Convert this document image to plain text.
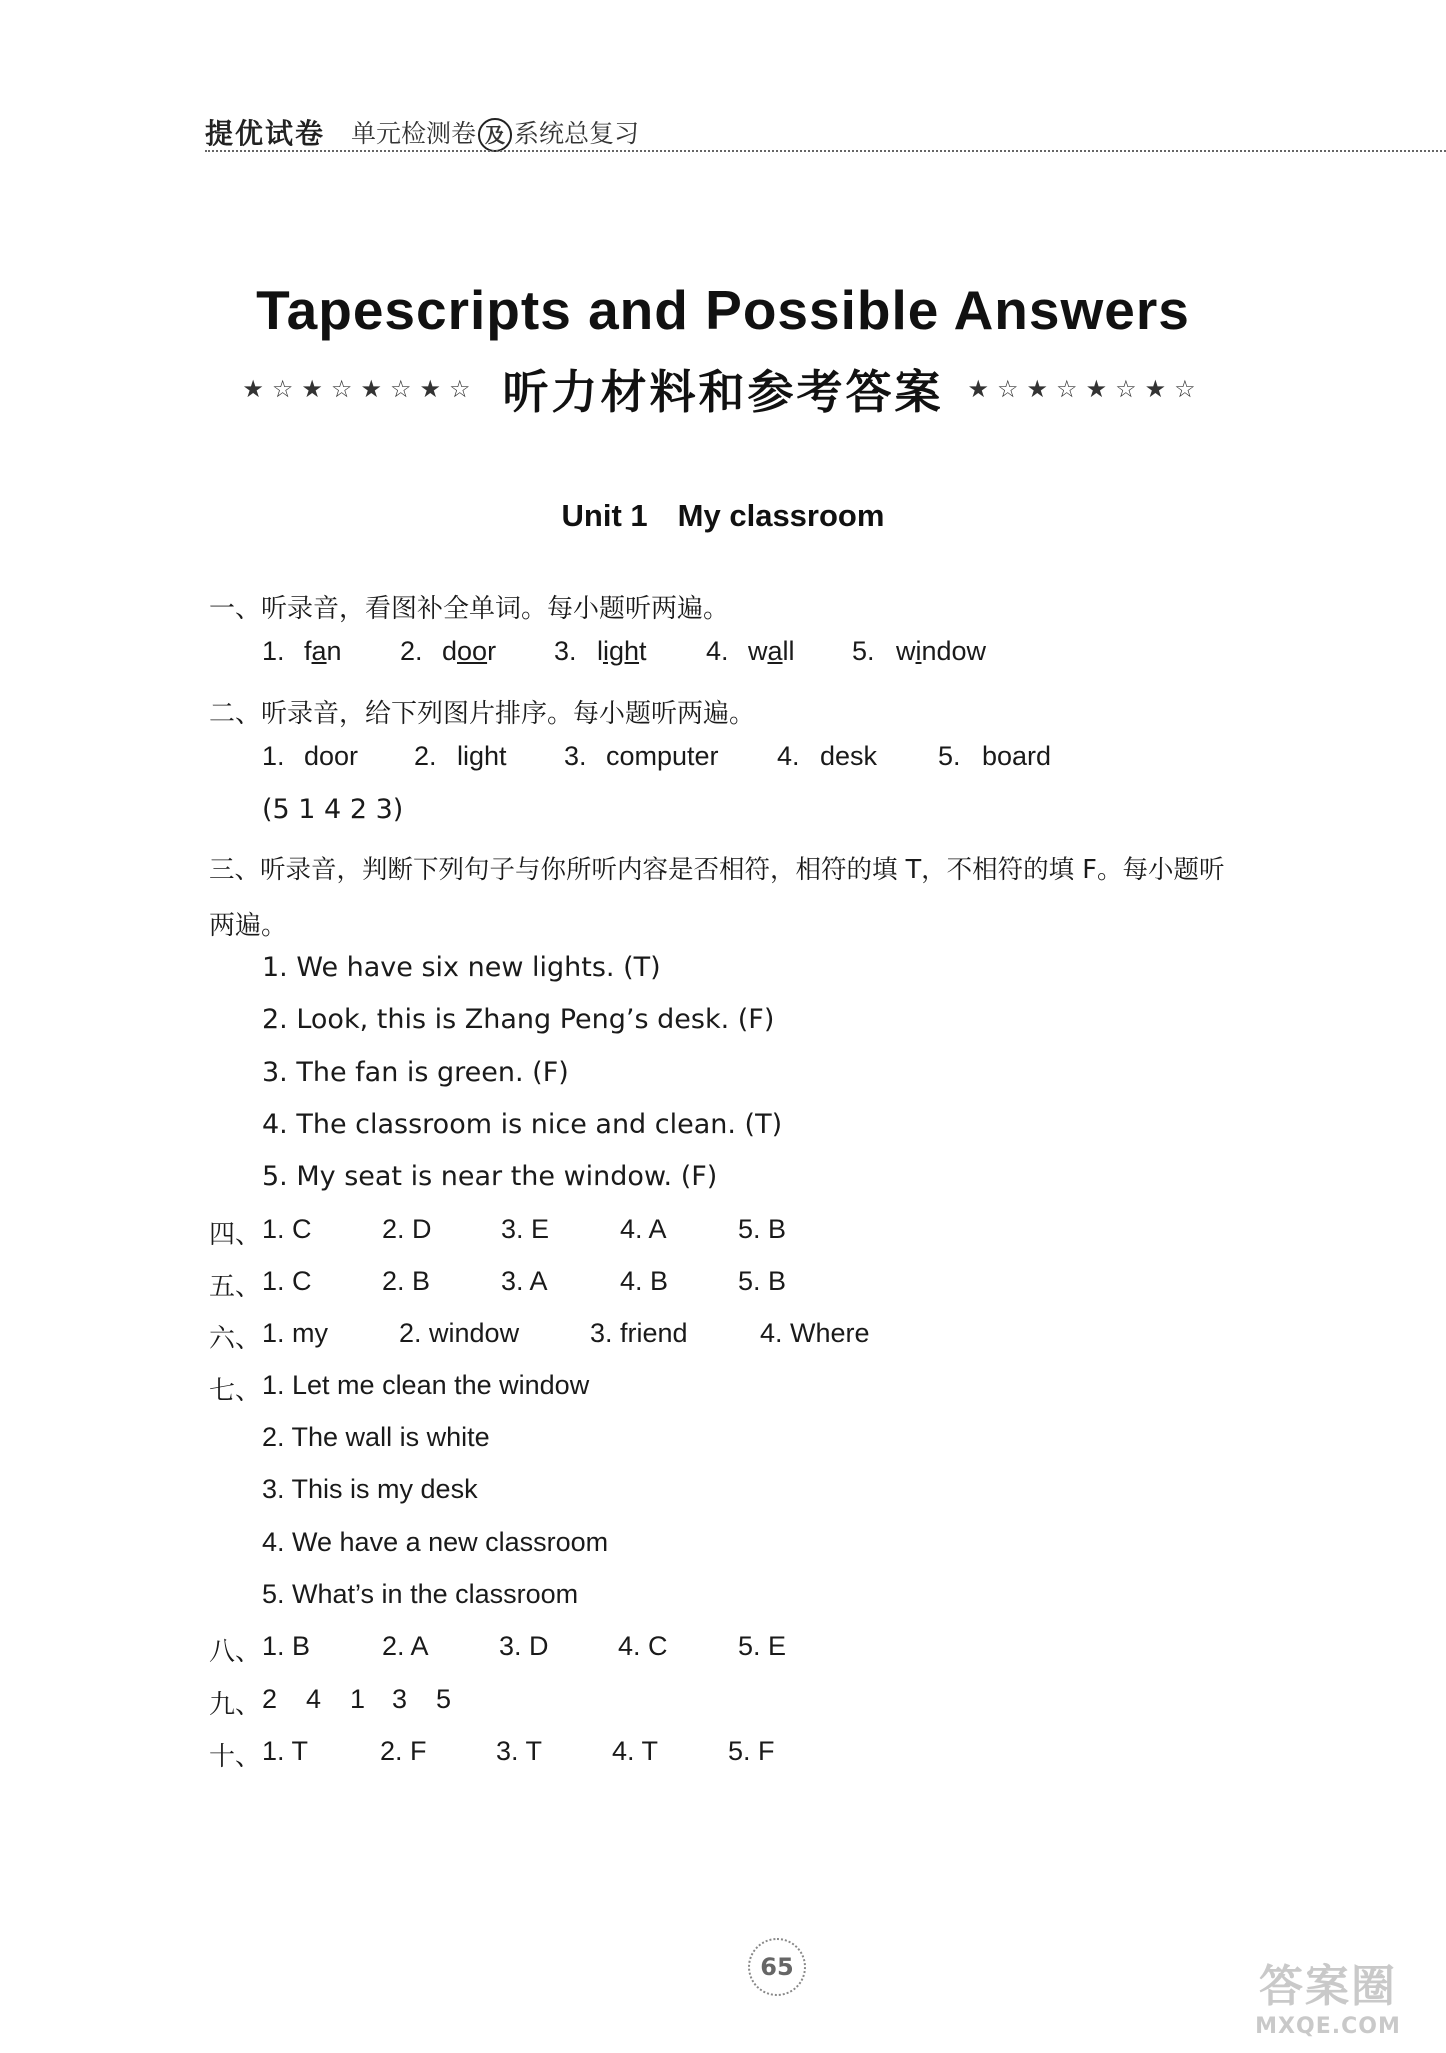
提优试卷 单元检测卷 及 系统总复习
Tapescripts and Possible Answers
★☆★☆★☆★☆ 听力材料和参考答案 ★☆★☆★☆★☆
Unit 1 My classroom
一、听录音，看图补全单词。每小题听两遍。
1. fan 2. door 3. light 4. wall 5. window
二、听录音，给下列图片排序。每小题听两遍。
1. door 2. light 3. computer 4. desk 5. board
(5 1 4 2 3)
三、听录音，判断下列句子与你所听内容是否相符，相符的填 T，不相符的填 F。每小题听
两遍。
1. We have six new lights. (T)
2. Look, this is Zhang Peng’s desk. (F)
3. The fan is green. (F)
4. The classroom is nice and clean. (T)
5. My seat is near the window. (F)
四、 1. C	2. D	3. E	4. A	5. B
五、 1. C	2. B	3. A	4. B	5. B
六、 1. my	2. window	3. friend	4. Where
七、 1. Let me clean the window
2. The wall is white
3. This is my desk
4. We have a new classroom
5. What’s in the classroom
八、 1. B	2. A	3. D	4. C	5. E
九、 2 4 1 3 5
十、 1. T	2. F	3. T	4. T	5. F
65	答案圈
MXQE.COM
